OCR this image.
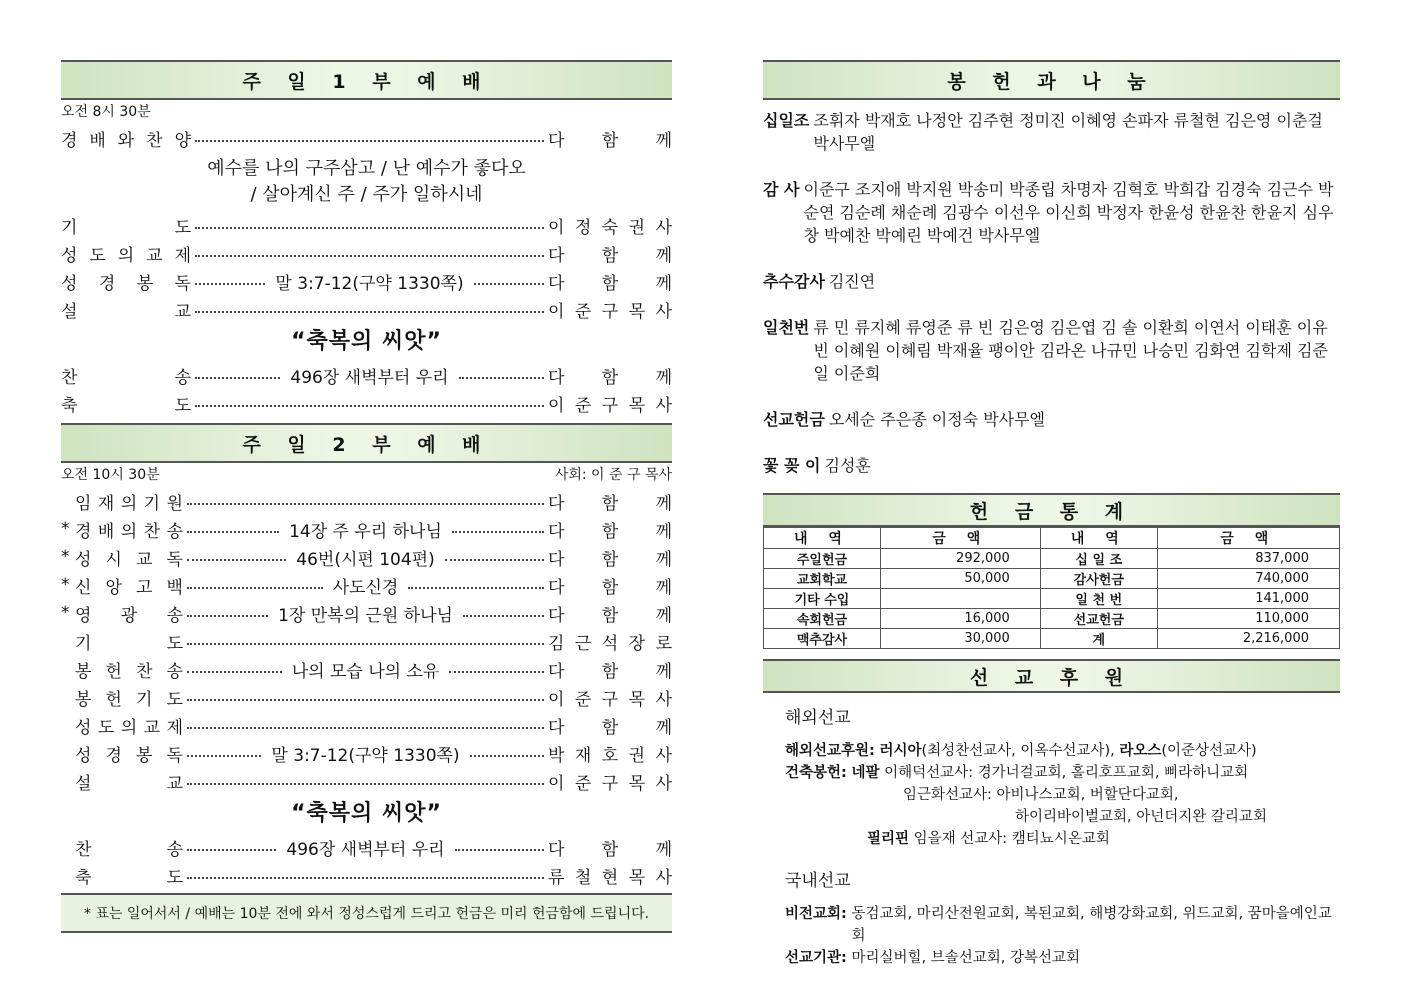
주 일 1 부 예 배
오전 8시 30분
경 배 와 찬 양	다 함 께
예수를 나의 구주삼고 / 난 예수가 좋다오
/ 살아계신 주 / 주가 일하시네
기	도	이 정 숙 권 사
성 도 의 교 제	다 함 께
성 경 봉 독	말 3:7-12(구약 1330쪽)	다 함 께
설	교	이 준 구 목 사
“축복의 씨앗”
찬	송	496장 새벽부터 우리	다 함 께
축	도	이 준 구 목 사
주 일 2 부 예 배
오전 10시 30분	사회: 이 준 구 목사
임 재 의 기 원	다 함 께
* 경 배 의 찬 송	14장 주 우리 하나님	다 함 께
* 성 시 교 독	46번(시편 104편)	다 함 께
* 신 앙 고 백	사도신경	다 함 께
* 영 광 송	1장 만복의 근원 하나님	다 함 께
기	도	김 근 석 장 로
봉 헌 찬 송	나의 모습 나의 소유	다 함 께
봉 헌 기 도	이 준 구 목 사
성 도 의 교 제	다 함 께
성 경 봉 독	말 3:7-12(구약 1330쪽)	박 재 호 권 사
설	교	이 준 구 목 사
“축복의 씨앗”
찬	송	496장 새벽부터 우리	다 함 께
축	도	류 철 현 목 사
* 표는 일어서서 / 예배는 10분 전에 와서 정성스럽게 드리고 헌금은 미리 헌금함에 드립니다.
봉 헌 과 나 눔
십일조 조휘자 박재호 나정안 김주현 정미진 이혜영 손파자 류철현 김은영 이춘걸 박사무엘
감 사 이준구 조지애 박지원 박송미 박종립 차명자 김혁호 박희갑 김경숙 김근수 박순연 김순례 채순례 김광수 이선우 이신희 박정자 한윤성 한윤찬 한윤지 심우창 박예찬 박예린 박예건 박사무엘
추수감사 김진연
일천번 류 민 류지혜 류영준 류 빈 김은영 김은엽 김 솔 이환희 이연서 이태훈 이유빈 이혜원 이혜림 박재율 팽이안 김라온 나규민 나승민 김화연 김학제 김준일 이준희
선교헌금 오세순 주은종 이정숙 박사무엘
꽃 꽂 이 김성훈
헌 금 통 계
내 역	금 액	내 역	금 액
주일헌금	292,000	십 일 조	837,000
교회학교	50,000	감사헌금	740,000
기타 수입		일 천 번	141,000
속회헌금	16,000	선교헌금	110,000
맥추감사	30,000	계	2,216,000
선 교 후 원
해외선교
해외선교후원:
러시아 (최성찬선교사, 이옥수선교사),
라오스 (이준상선교사)
건축봉헌:
네팔
이해덕선교사: 경가너걸교회, 홀리호프교회, 삐라하니교회
임근화선교사: 아비나스교회, 버할단다교회,
하이리바이벌교회, 아넌더지완 갈리교회
필리핀
임을재 선교사: 캠티뇨시온교회
국내선교
비전교회:
동검교회, 마리산전원교회, 복된교회, 해병강화교회, 위드교회, 꿈마을예인교회
선교기관:
마리실버힐, 브솔선교회, 강복선교회
